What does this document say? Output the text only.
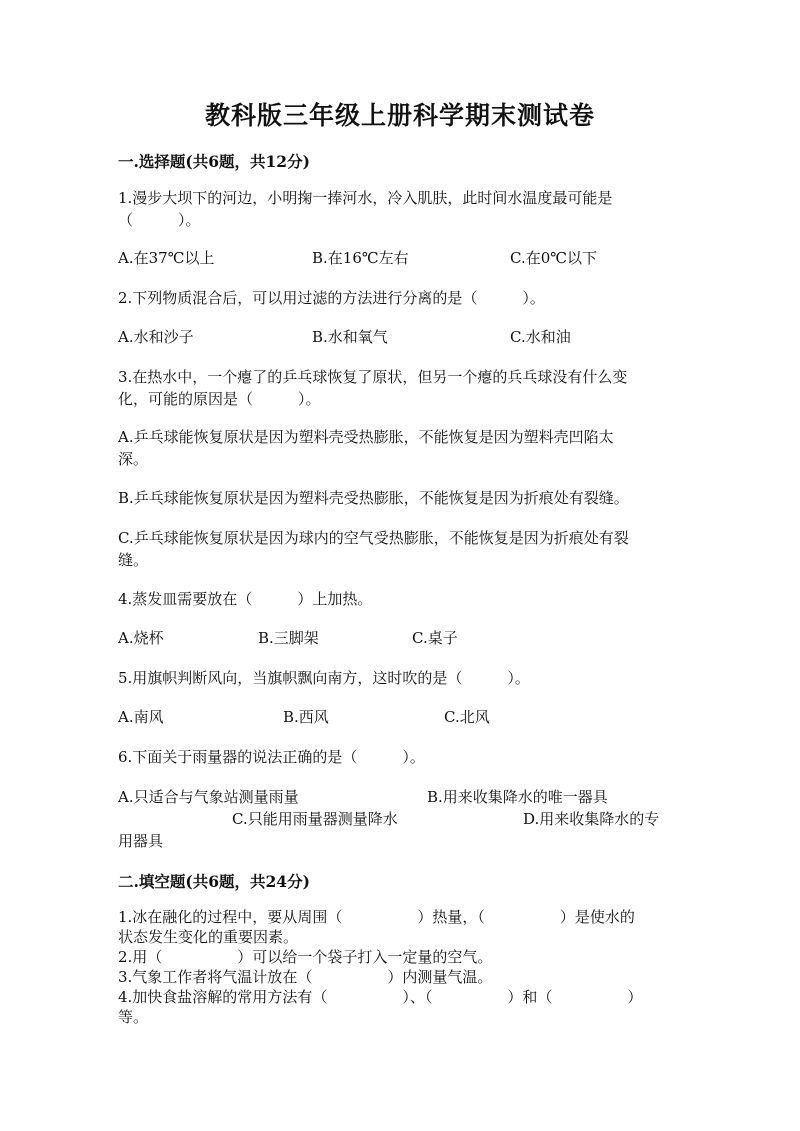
教科版三年级上册科学期末测试卷
一.选择题(共6题，共12分)
1.漫步大坝下的河边，小明掬一捧河水，冷入肌肤，此时间水温度最可能是
（　　　）。
A.在37℃以上	B.在16℃左右	C.在0℃以下
2.下列物质混合后，可以用过滤的方法进行分离的是（　　　）。
A.水和沙子	B.水和氧气	C.水和油
3.在热水中，一个瘪了的乒乓球恢复了原状，但另一个瘪的兵乓球没有什么变
化，可能的原因是（　　　）。
A.乒乓球能恢复原状是因为塑料壳受热膨胀，不能恢复是因为塑料壳凹陷太
深。
B.乒乓球能恢复原状是因为塑料壳受热膨胀，不能恢复是因为折痕处有裂缝。
C.乒乓球能恢复原状是因为球内的空气受热膨胀，不能恢复是因为折痕处有裂
缝。
4.蒸发皿需要放在（　　　）上加热。
A.烧杯	B.三脚架	C.桌子
5.用旗帜判断风向，当旗帜飘向南方，这时吹的是（　　　）。
A.南风	B.西风	C.北风
6.下面关于雨量器的说法正确的是（　　　）。
A.只适合与气象站测量雨量	B.用来收集降水的唯一器具
C.只能用雨量器测量降水	D.用来收集降水的专
用器具
二.填空题(共6题，共24分)
1.冰在融化的过程中，要从周围（　　　　　）热量，（　　　　　）是使水的
状态发生变化的重要因素。
2.用（　　　　　）可以给一个袋子打入一定量的空气。
3.气象工作者将气温计放在（　　　　　）内测量气温。
4.加快食盐溶解的常用方法有（　　　　　）、（　　　　　）和（　　　　　）
等。
